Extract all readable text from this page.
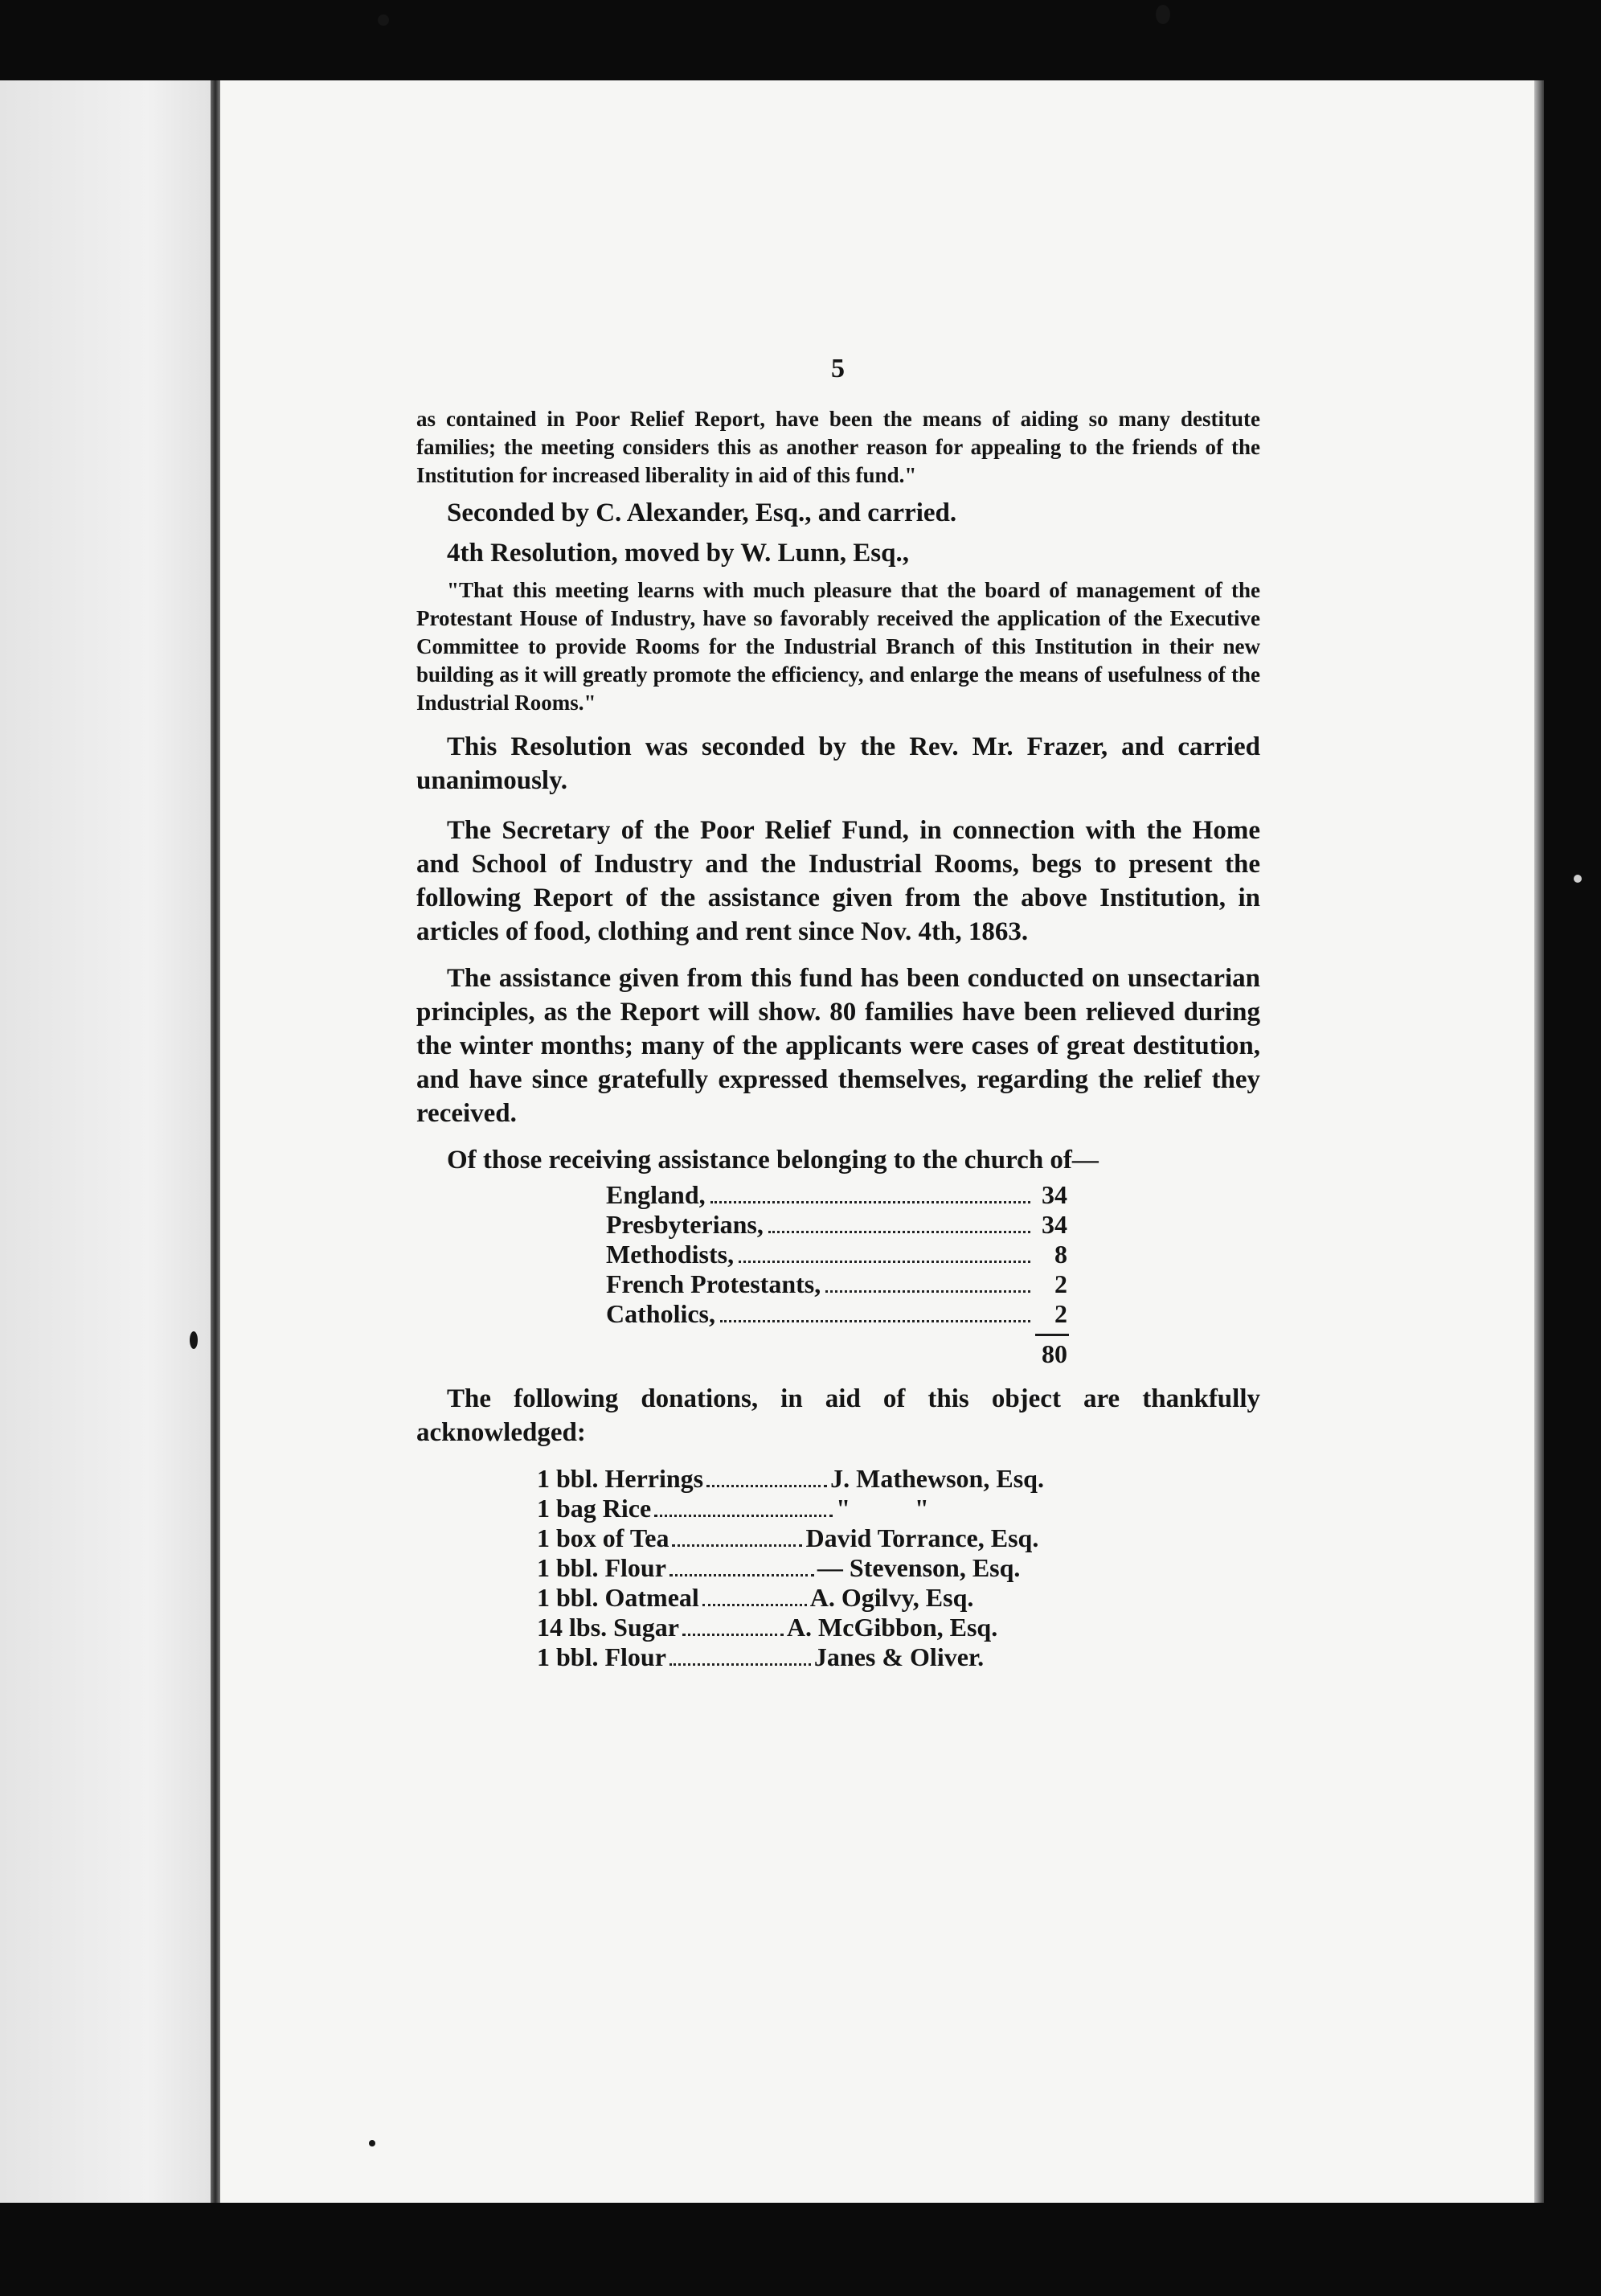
5

as contained in Poor Relief Report, have been the means of aiding so many destitute families; the meeting considers this as another reason for appealing to the friends of the Institution for increased liberality in aid of this fund."

Seconded by C. Alexander, Esq., and carried.

4th Resolution, moved by W. Lunn, Esq.,

"That this meeting learns with much pleasure that the board of management of the Protestant House of Industry, have so favorably received the application of the Executive Committee to provide Rooms for the Industrial Branch of this Institution in their new building as it will greatly promote the efficiency, and enlarge the means of usefulness of the Industrial Rooms."

This Resolution was seconded by the Rev. Mr. Frazer, and carried unanimously.

The Secretary of the Poor Relief Fund, in connection with the Home and School of Industry and the Industrial Rooms, begs to present the following Report of the assistance given from the above Institution, in articles of food, clothing and rent since Nov. 4th, 1863.

The assistance given from this fund has been conducted on unsectarian principles, as the Report will show. 80 families have been relieved during the winter months; many of the applicants were cases of great destitution, and have since gratefully expressed themselves, regarding the relief they received.

Of those receiving assistance belonging to the church of—

England,	34
Presbyterians,	34
Methodists,	8
French Protestants,	2
Catholics,	2
80

The following donations, in aid of this object are thankfully acknowledged:

1 bbl. Herrings	J. Mathewson, Esq.
1 bag Rice	"          "
1 box of Tea	David Torrance, Esq.
1 bbl. Flour	— Stevenson, Esq.
1 bbl. Oatmeal	A. Ogilvy, Esq.
14 lbs. Sugar	A. McGibbon, Esq.
1 bbl. Flour	Janes & Oliver.
